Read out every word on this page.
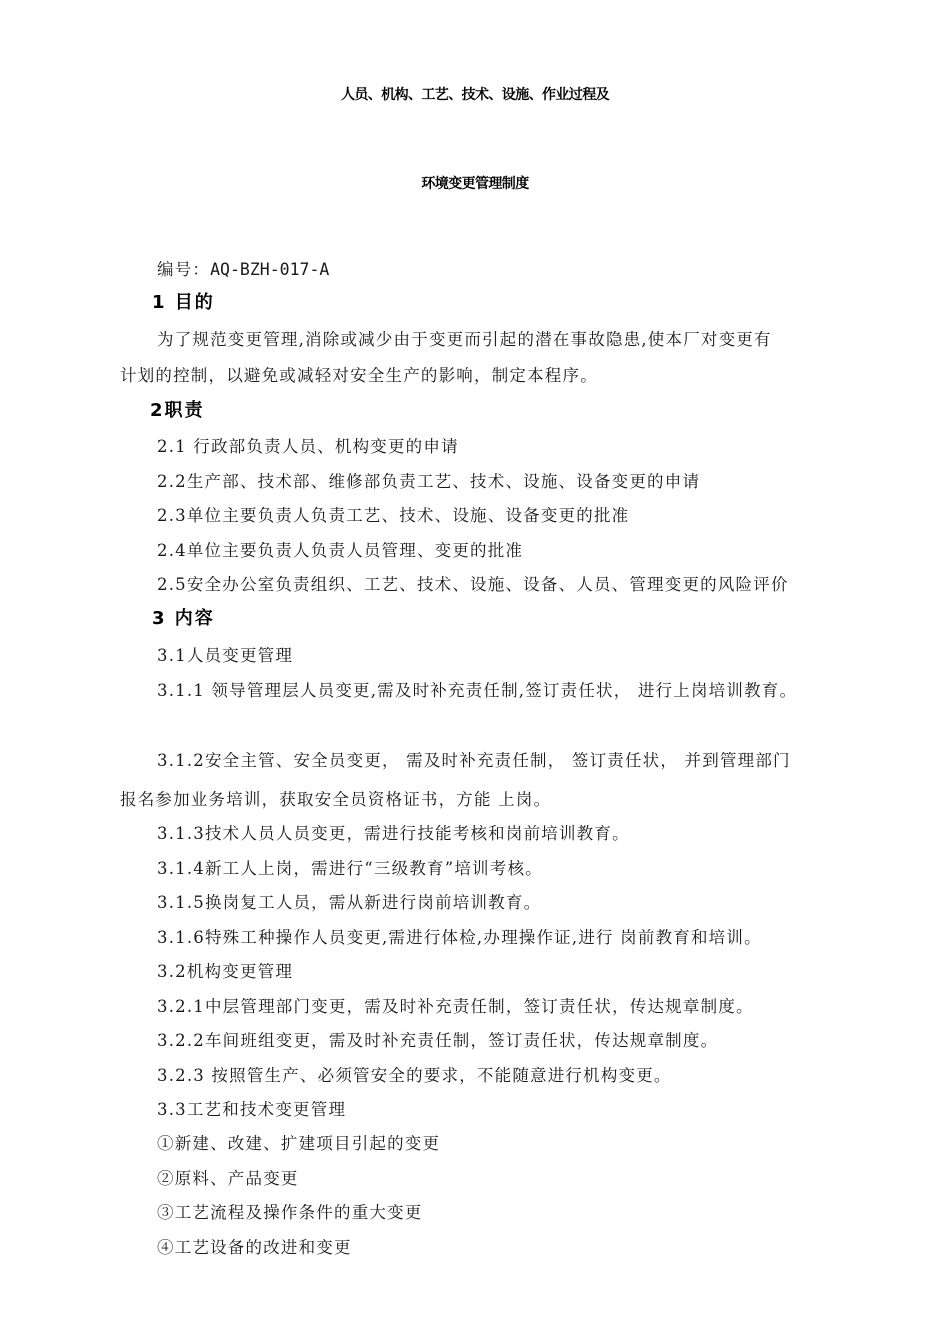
人员、机构、工艺、技术、设施、作业过程及
环境变更管理制度
编号：AQ-BZH-017-A
1 目的
为了规范变更管理,消除或减少由于变更而引起的潜在事故隐患,使本厂对变更有
计划的控制，以避免或减轻对安全生产的影响，制定本程序。
2职责
2.1 行政部负责人员、机构变更的申请
2.2生产部、技术部、维修部负责工艺、技术、设施、设备变更的申请
2.3单位主要负责人负责工艺、技术、设施、设备变更的批准
2.4单位主要负责人负责人员管理、变更的批准
2.5安全办公室负责组织、工艺、技术、设施、设备、人员、管理变更的风险评价
3 内容
3.1人员变更管理
3.1.1 领导管理层人员变更,需及时补充责任制,签订责任状， 进行上岗培训教育。
3.1.2安全主管、安全员变更， 需及时补充责任制， 签订责任状， 并到管理部门
报名参加业务培训，获取安全员资格证书，方能 上岗。
3.1.3技术人员人员变更，需进行技能考核和岗前培训教育。
3.1.4新工人上岗，需进行“三级教育”培训考核。
3.1.5换岗复工人员，需从新进行岗前培训教育。
3.1.6特殊工种操作人员变更,需进行体检,办理操作证,进行 岗前教育和培训。
3.2机构变更管理
3.2.1中层管理部门变更，需及时补充责任制，签订责任状，传达规章制度。
3.2.2车间班组变更，需及时补充责任制，签订责任状，传达规章制度。
3.2.3 按照管生产、必须管安全的要求，不能随意进行机构变更。
3.3工艺和技术变更管理
①新建、改建、扩建项目引起的变更
②原料、产品变更
③工艺流程及操作条件的重大变更
④工艺设备的改进和变更
